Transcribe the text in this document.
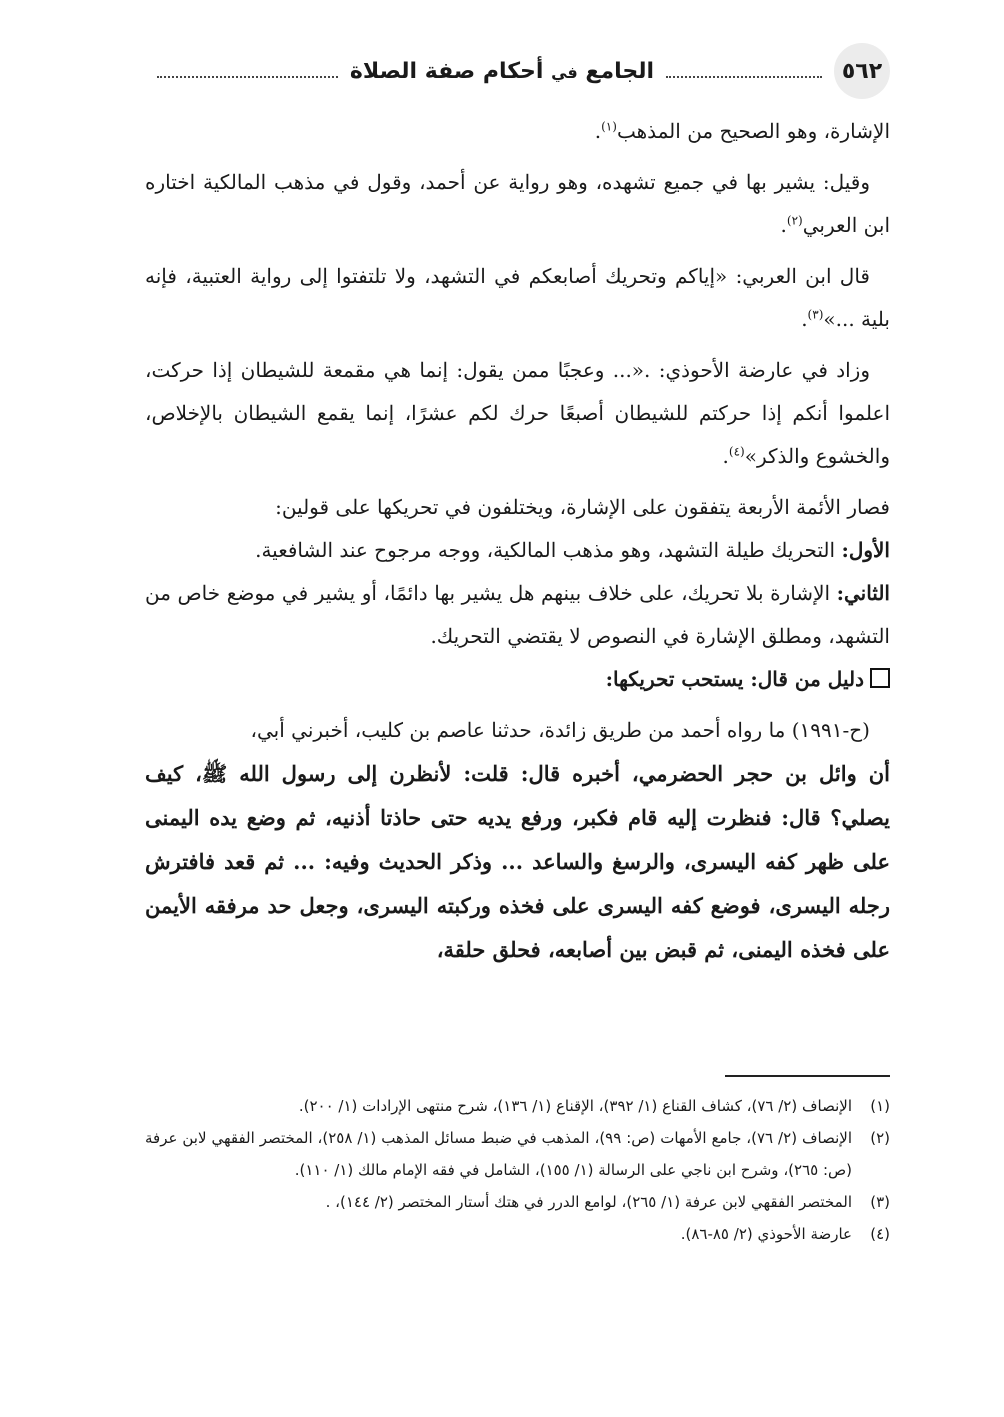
٥٦٢
الجامع في أحكام صفة الصلاة

الإشارة، وهو الصحيح من المذهب$^{(١)}$.

وقيل: يشير بها في جميع تشهده، وهو رواية عن أحمد، وقول في مذهب المالكية اختاره ابن العربي$^{(٢)}$.

قال ابن العربي: «إياكم وتحريك أصابعكم في التشهد، ولا تلتفتوا إلى رواية العتبية، فإنه بلية ...»$^{(٣)}$.

وزاد في عارضة الأحوذي: .«... وعجبًا ممن يقول: إنما هي مقمعة للشيطان إذا حركت، اعلموا أنكم إذا حركتم للشيطان أصبعًا حرك لكم عشرًا، إنما يقمع الشيطان بالإخلاص، والخشوع والذكر»$^{(٤)}$.

فصار الأئمة الأربعة يتفقون على الإشارة، ويختلفون في تحريكها على قولين:

الأول: التحريك طيلة التشهد، وهو مذهب المالكية، ووجه مرجوح عند الشافعية.

الثاني: الإشارة بلا تحريك، على خلاف بينهم هل يشير بها دائمًا، أو يشير في موضع خاص من التشهد، ومطلق الإشارة في النصوص لا يقتضي التحريك.

دليل من قال: يستحب تحريكها:

(ح-١٩٩١) ما رواه أحمد من طريق زائدة، حدثنا عاصم بن كليب، أخبرني أبي،

أن وائل بن حجر الحضرمي، أخبره قال: قلت: لأنظرن إلى رسول الله ﷺ، كيف يصلي؟ قال: فنظرت إليه قام فكبر، ورفع يديه حتى حاذتا أذنيه، ثم وضع يده اليمنى على ظهر كفه اليسرى، والرسغ والساعد ... وذكر الحديث وفيه: ... ثم قعد فافترش رجله اليسرى، فوضع كفه اليسرى على فخذه وركبته اليسرى، وجعل حد مرفقه الأيمن على فخذه اليمنى، ثم قبض بين أصابعه، فحلق حلقة،

(١)
الإنصاف (٢/ ٧٦)، كشاف القناع (١/ ٣٩٢)، الإقناع (١/ ١٣٦)، شرح منتهى الإرادات (١/ ٢٠٠).
(٢)
الإنصاف (٢/ ٧٦)، جامع الأمهات (ص: ٩٩)، المذهب في ضبط مسائل المذهب (١/ ٢٥٨)، المختصر الفقهي لابن عرفة (ص: ٢٦٥)، وشرح ابن ناجي على الرسالة (١/ ١٥٥)، الشامل في فقه الإمام مالك (١/ ١١٠).
(٣)
المختصر الفقهي لابن عرفة (١/ ٢٦٥)، لوامع الدرر في هتك أستار المختصر (٢/ ١٤٤)، .
(٤)
عارضة الأحوذي (٢/ ٨٥-٨٦).
